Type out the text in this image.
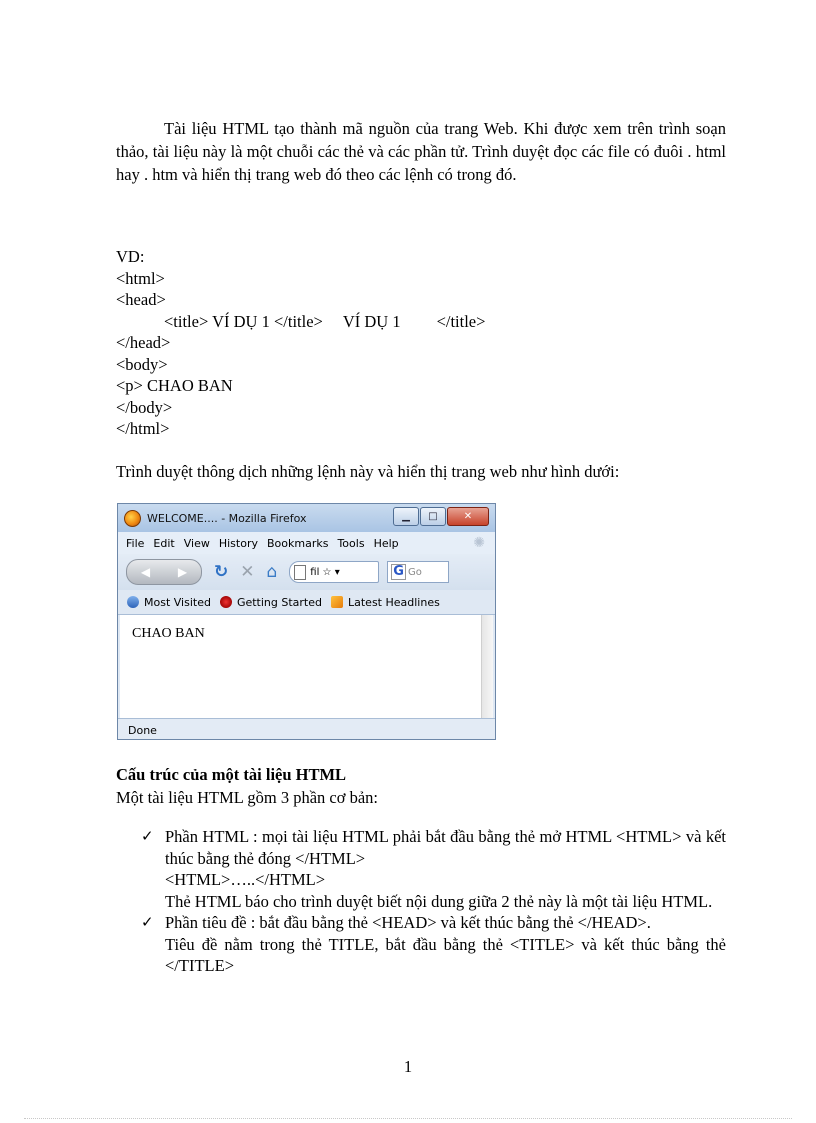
Tài liệu HTML tạo thành mã nguồn của trang Web. Khi được xem trên trình soạn thảo, tài liệu này là một chuỗi các thẻ và các phần tử. Trình duyệt đọc các file có đuôi . html hay . htm và hiển thị trang web đó theo các lệnh có trong đó.

VD:
<html>
<head>
<title> VÍ DỤ 1 </title> VÍ DỤ 1 </title>
</head>
<body>
<p> CHAO BAN
</body>
</html>
Trình duyệt thông dịch những lệnh này và hiển thị trang web như hình dưới:
WELCOME.... - Mozilla Firefox	▁	□	✕
File Edit View History Bookmarks Tools Help	✺
◀ ▶ ↻ ✕ ⌂	fil ☆ ▾	G Go
Most Visited Getting Started Latest Headlines
CHAO BAN
Done
Cấu trúc của một tài liệu HTML
Một tài liệu HTML gồm 3 phần cơ bản:
✓ Phần HTML : mọi tài liệu HTML phải bắt đầu bằng thẻ mở HTML <HTML> và kết thúc bằng thẻ đóng </HTML>

<HTML>…..</HTML>

Thẻ HTML báo cho trình duyệt biết nội dung giữa 2 thẻ này là một tài liệu HTML.

✓ Phần tiêu đề : bắt đầu bằng thẻ <HEAD> và kết thúc bằng thẻ </HEAD>.

Tiêu đề nằm trong thẻ TITLE, bắt đầu bằng thẻ <TITLE> và kết thúc bằng thẻ </TITLE>

1
